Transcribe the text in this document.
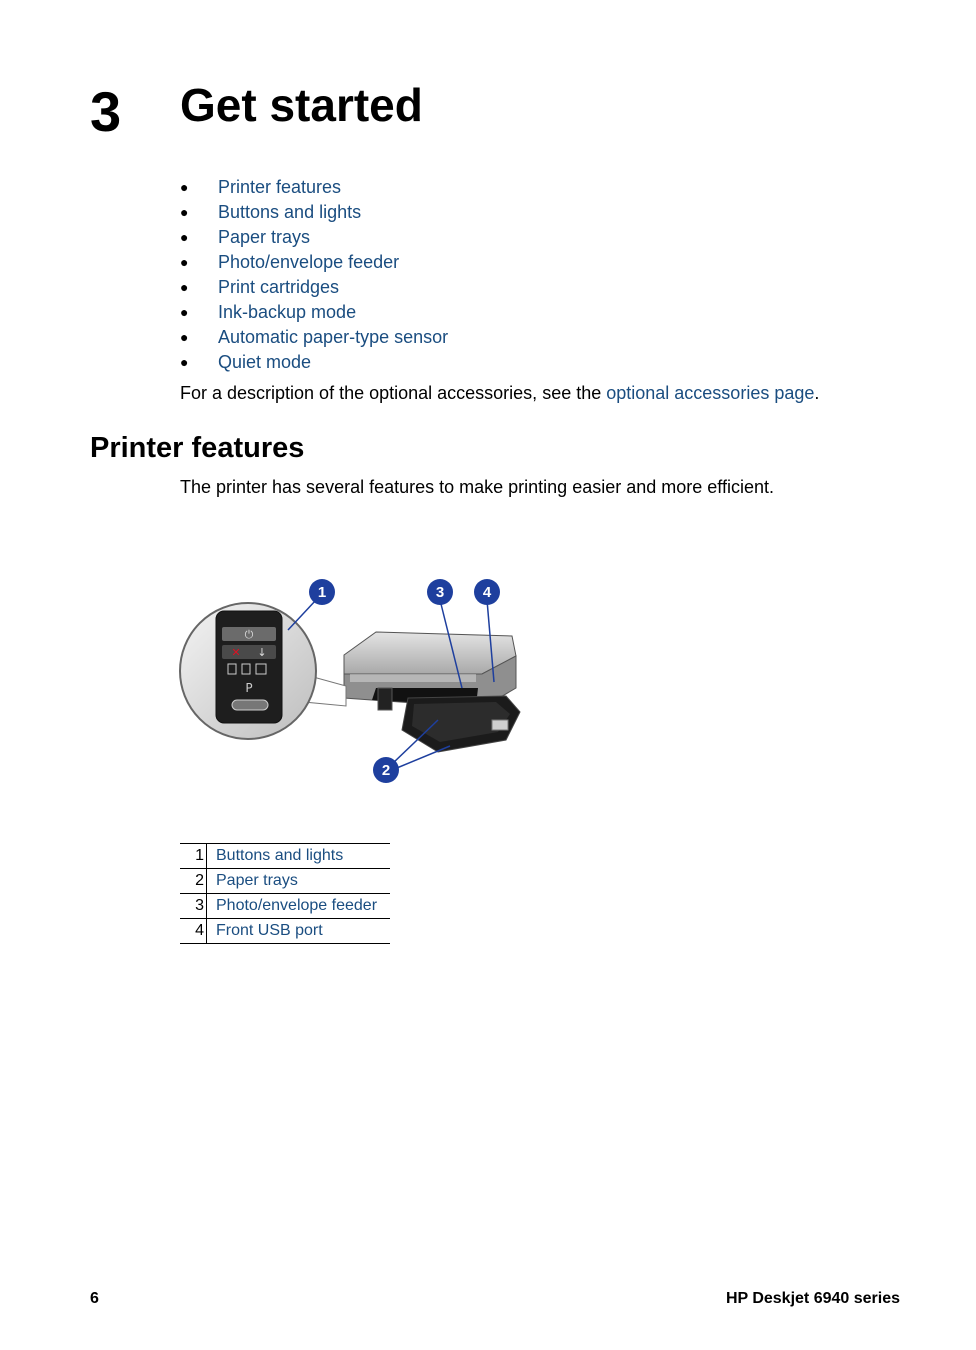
3 Get started
●	Printer features
●	Buttons and lights
●	Paper trays
●	Photo/envelope feeder
●	Print cartridges
●	Ink-backup mode
●	Automatic paper-type sensor
●	Quiet mode
For a description of the optional accessories, see the optional accessories page.
Printer features
The printer has several features to make printing easier and more efficient.
⏻
✕ ↓
P
1	3	4
2
1	Buttons and lights
2	Paper trays
3	Photo/envelope feeder
4	Front USB port
6	HP Deskjet 6940 series
